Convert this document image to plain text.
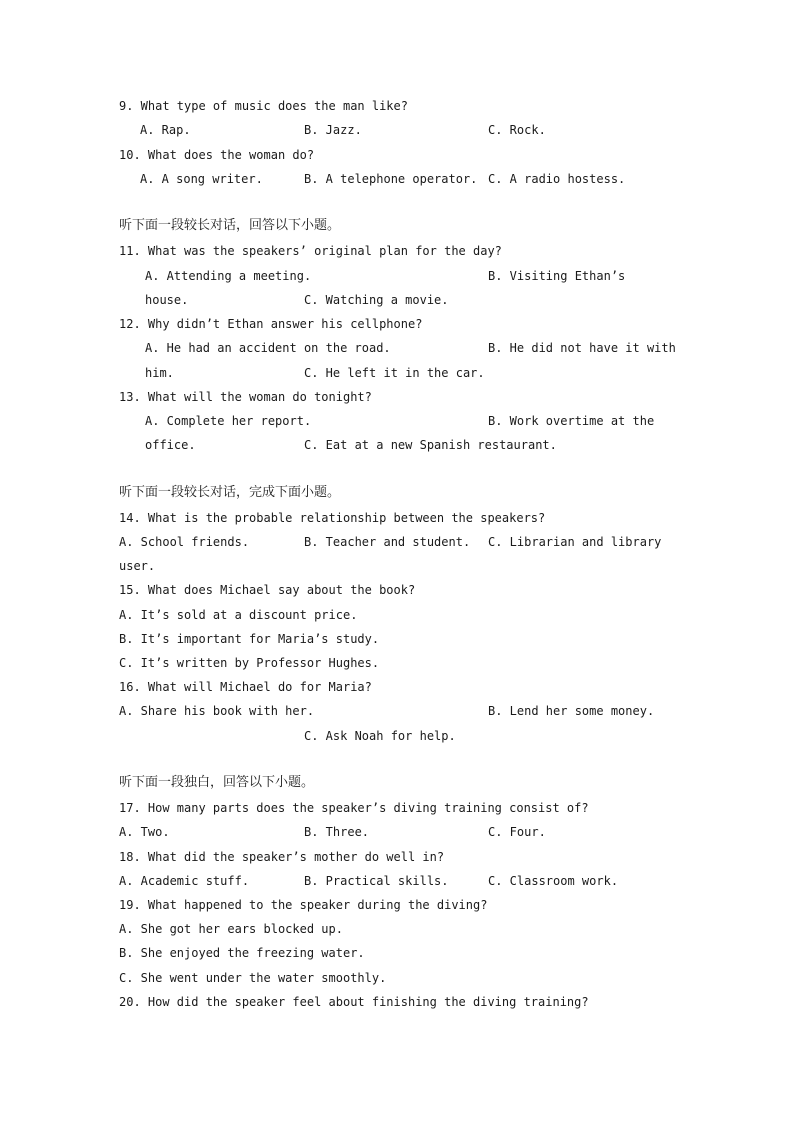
9. What type of music does the man like?
A. Rap.	B. Jazz.	C. Rock.
10. What does the woman do?
A. A song writer.	B. A telephone operator. C. A radio hostess.
听下面一段较长对话，回答以下小题。
11. What was the speakers’ original plan for the day?
A. Attending a meeting.	B. Visiting Ethan’s
house.	C. Watching a movie.
12. Why didn’t Ethan answer his cellphone?
A. He had an accident on the road.	B. He did not have it with
him.	C. He left it in the car.
13. What will the woman do tonight?
A. Complete her report.	B. Work overtime at the
office.	C. Eat at a new Spanish restaurant.
听下面一段较长对话，完成下面小题。
14. What is the probable relationship between the speakers?
A. School friends.	B. Teacher and student. C. Librarian and library
user.
15. What does Michael say about the book?
A. It’s sold at a discount price.
B. It’s important for Maria’s study.
C. It’s written by Professor Hughes.
16. What will Michael do for Maria?
A. Share his book with her.	B. Lend her some money.
C. Ask Noah for help.
听下面一段独白，回答以下小题。
17. How many parts does the speaker’s diving training consist of?
A. Two.	B. Three.	C. Four.
18. What did the speaker’s mother do well in?
A. Academic stuff.	B. Practical skills.	C. Classroom work.
19. What happened to the speaker during the diving?
A. She got her ears blocked up.
B. She enjoyed the freezing water.
C. She went under the water smoothly.
20. How did the speaker feel about finishing the diving training?
